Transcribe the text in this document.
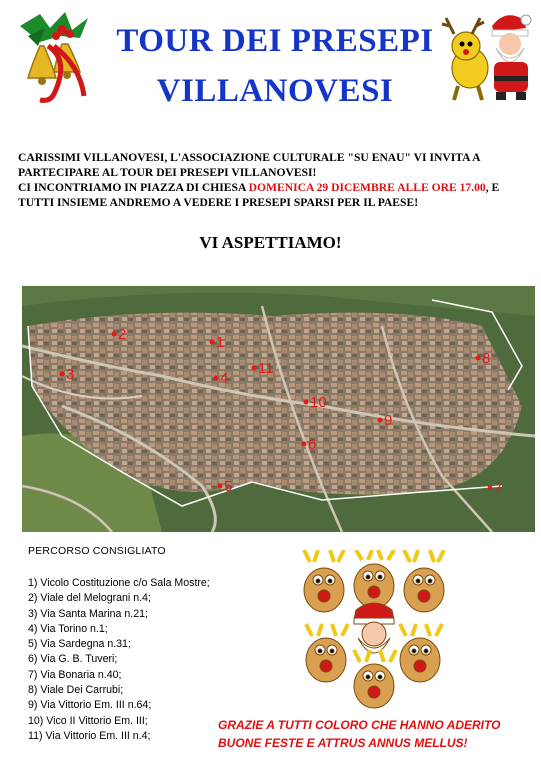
TOUR DEI PRESEPI
VILLANOVESI
CARISSIMI VILLANOVESI, L'ASSOCIAZIONE CULTURALE "SU ENAU" VI INVITA A PARTECIPARE AL TOUR DEI PRESEPI VILLANOVESI!
CI INCONTRIAMO IN PIAZZA DI CHIESA DOMENICA 29 DICEMBRE ALLE ORE 17.00, E TUTTI INSIEME ANDREMO A VEDERE I PRESEPI SPARSI PER IL PAESE!
VI ASPETTIAMO!
1
2
3	4
5
6
7
8
9
10
11
PERCORSO CONSIGLIATO
1) Vicolo Costituzione c/o Sala Mostre;
2) Viale del Melograni n.4;
3) Via Santa Marina n.21;
4) Via Torino n.1;
5) Via Sardegna n.31;
6) Via G. B. Tuveri;
7) Via Bonaria n.40;
8) Viale Dei Carrubi;
9) Via Vittorio Em. III n.64;
10) Vico II Vittorio Em. III;
11) Via Vittorio Em. III n.4;
GRAZIE A TUTTI COLORO CHE HANNO ADERITO
BUONE FESTE E ATTRUS ANNUS MELLUS!
